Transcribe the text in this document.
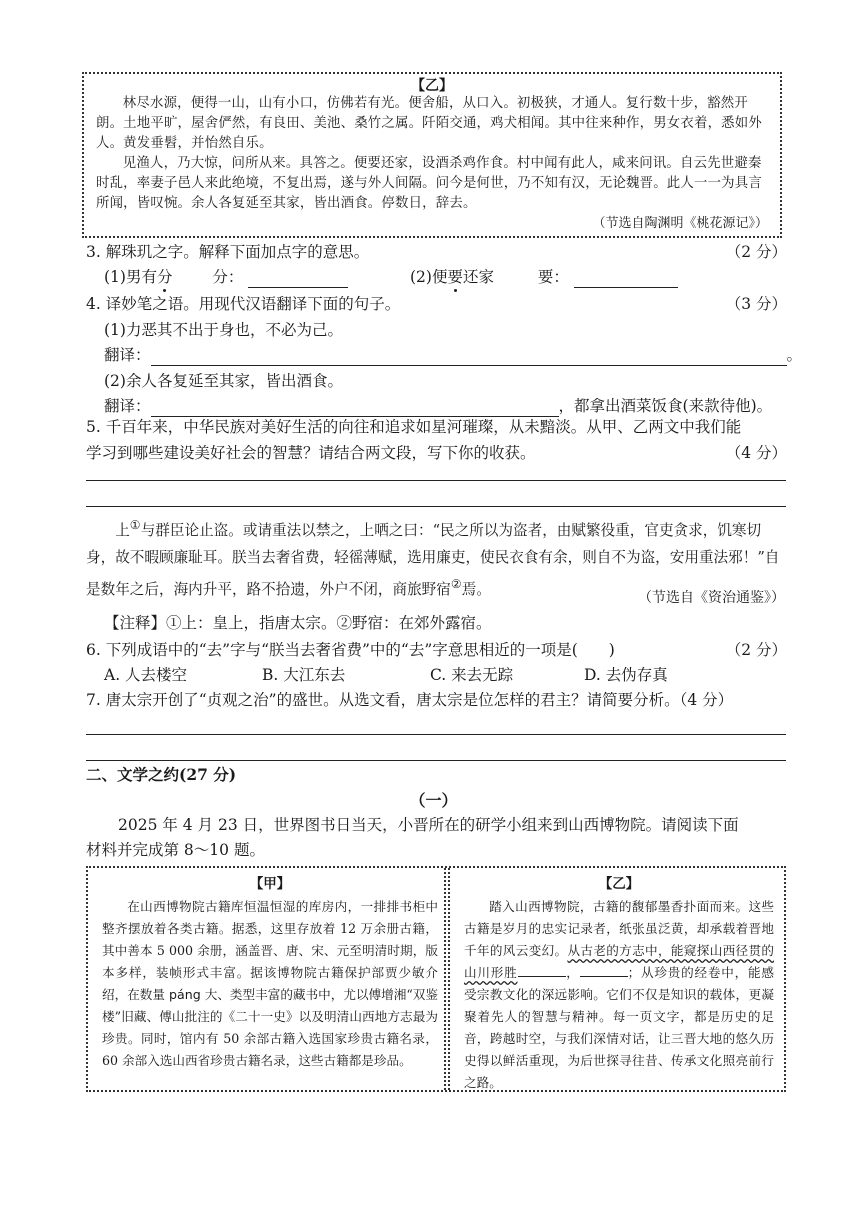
【乙】

林尽水源，便得一山，山有小口，仿佛若有光。便舍船，从口入。初极狭，才通人。复行数十步，豁然开朗。土地平旷，屋舍俨然，有良田、美池、桑竹之属。阡陌交通，鸡犬相闻。其中往来种作，男女衣着，悉如外人。黄发垂髫，并怡然自乐。

见渔人，乃大惊，问所从来。具答之。便要还家，设酒杀鸡作食。村中闻有此人，咸来问讯。自云先世避秦时乱，率妻子邑人来此绝境，不复出焉，遂与外人间隔。问今是何世，乃不知有汉，无论魏晋。此人一一为具言所闻，皆叹惋。余人各复延至其家，皆出酒食。停数日，辞去。

（节选自陶渊明《桃花源记》）
3. 解珠玑之字。解释下面加点字的意思。	（2 分）
(1)男有分	分：	(2)便要还家	要：
4. 译妙笔之语。用现代汉语翻译下面的句子。	（3 分）
(1)力恶其不出于身也，不必为己。
翻译：	。
(2)余人各复延至其家，皆出酒食。
翻译：	，都拿出酒菜饭食(来款待他)。
5. 千百年来，中华民族对美好生活的向往和追求如星河璀璨，从未黯淡。从甲、乙两文中我们能
学习到哪些建设美好社会的智慧？请结合两文段，写下你的收获。	（4 分）

上①与群臣论止盗。或请重法以禁之，上哂之曰：“民之所以为盗者，由赋繁役重，官吏贪求，饥寒切身，故不暇顾廉耻耳。朕当去奢省费，轻徭薄赋，选用廉吏，使民衣食有余，则自不为盗，安用重法邪！”自是数年之后，海内升平，路不拾遗，外户不闭，商旅野宿②焉。

（节选自《资治通鉴》）
【注释】①上：皇上，指唐太宗。②野宿：在郊外露宿。
6. 下列成语中的“去”字与“朕当去奢省费”中的“去”字意思相近的一项是(　　)	（2 分）
A. 人去楼空	B. 大江东去	C. 来去无踪	D. 去伪存真
7. 唐太宗开创了“贞观之治”的盛世。从选文看，唐太宗是位怎样的君主？请简要分析。（4 分）
二、文学之约(27 分)
（一）
2025 年 4 月 23 日，世界图书日当天，小晋所在的研学小组来到山西博物院。请阅读下面
材料并完成第 8～10 题。
【甲】

在山西博物院古籍库恒温恒湿的库房内，一排排书柜中整齐摆放着各类古籍。据悉，这里存放着 12 万余册古籍，其中善本 5 000 余册，涵盖晋、唐、宋、元至明清时期，版本多样，装帧形式丰富。据该博物院古籍保护部贾少敏介绍，在数量 páng 大、类型丰富的藏书中，尤以傅增湘“双鉴楼”旧藏、傅山批注的《二十一史》以及明清山西地方志最为珍贵。同时，馆内有 50 余部古籍入选国家珍贵古籍名录，60 余部入选山西省珍贵古籍名录，这些古籍都是珍品。

【乙】

踏入山西博物院，古籍的馥郁墨香扑面而来。这些古籍是岁月的忠实记录者，纸张虽泛黄，却承载着晋地千年的风云变幻。从古老的方志中，能窥探山西径贯的山川形胜	，	；从珍贵的经卷中，能感受宗教文化的深远影响。它们不仅是知识的载体，更凝聚着先人的智慧与精神。每一页文字，都是历史的足音，跨越时空，与我们深情对话，让三晋大地的悠久历史得以鲜活重现，为后世探寻往昔、传承文化照亮前行之路。
